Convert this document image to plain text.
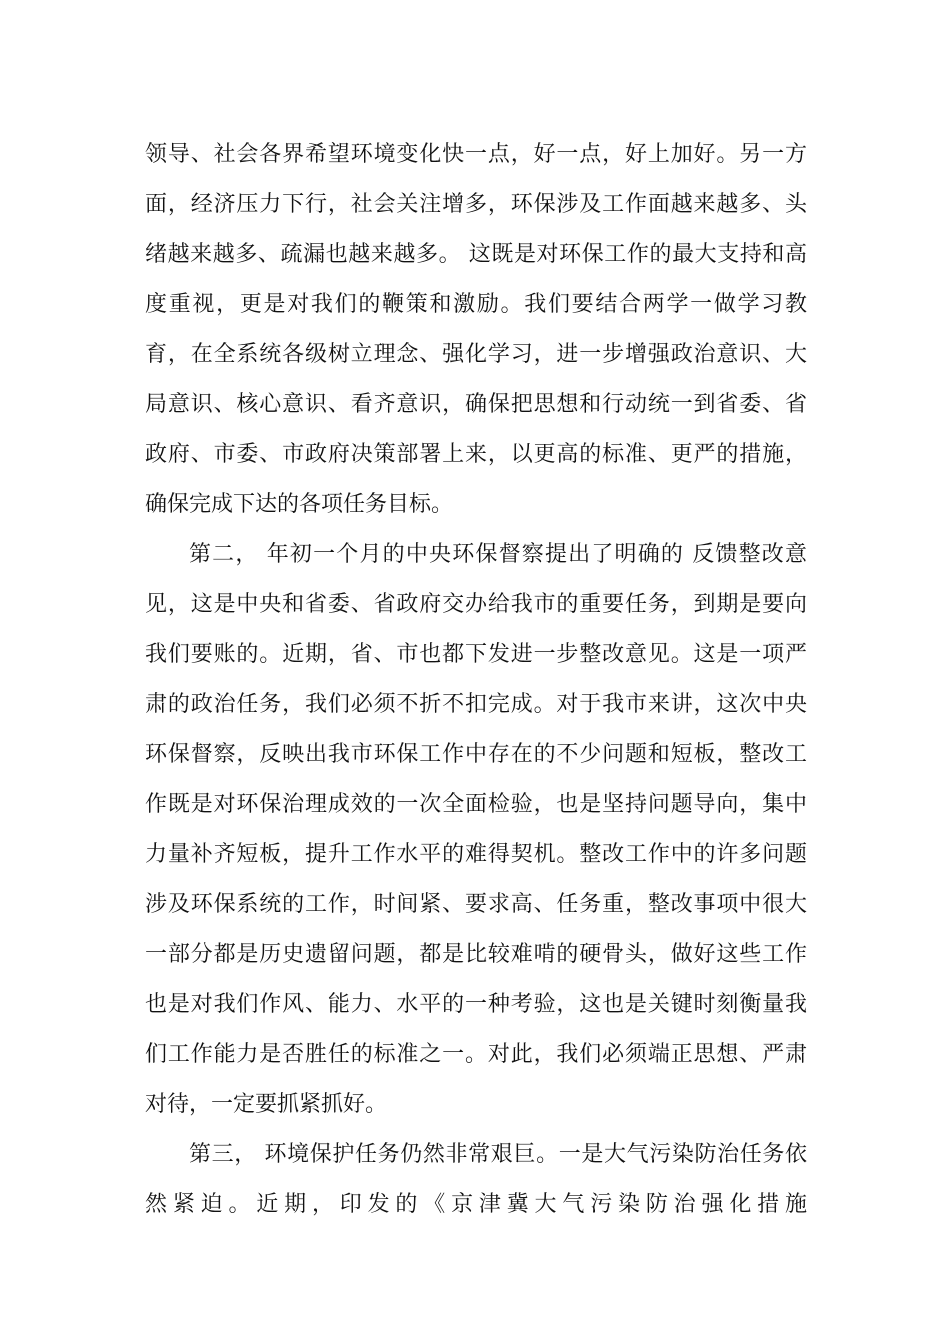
领导、社会各界希望环境变化快一点，好一点，好上加好。另一方
面，经济压力下行，社会关注增多，环保涉及工作面越来越多、头
绪越来越多、疏漏也越来越多。 这既是对环保工作的最大支持和高
度重视，更是对我们的鞭策和激励。我们要结合两学一做学习教
育，在全系统各级树立理念、强化学习，进一步增强政治意识、大
局意识、核心意识、看齐意识，确保把思想和行动统一到省委、省
政府、市委、市政府决策部署上来，以更高的标准、更严的措施，
确保完成下达的各项任务目标。
第二， 年初一个月的中央环保督察提出了明确的 反馈整改意
见，这是中央和省委、省政府交办给我市的重要任务，到期是要向
我们要账的。近期，省、市也都下发进一步整改意见。这是一项严
肃的政治任务，我们必须不折不扣完成。对于我市来讲，这次中央
环保督察，反映出我市环保工作中存在的不少问题和短板，整改工
作既是对环保治理成效的一次全面检验，也是坚持问题导向，集中
力量补齐短板，提升工作水平的难得契机。整改工作中的许多问题
涉及环保系统的工作，时间紧、要求高、任务重，整改事项中很大
一部分都是历史遗留问题，都是比较难啃的硬骨头，做好这些工作
也是对我们作风、能力、水平的一种考验，这也是关键时刻衡量我
们工作能力是否胜任的标准之一。对此，我们必须端正思想、严肃
对待，一定要抓紧抓好。
第三， 环境保护任务仍然非常艰巨。一是大气污染防治任务依
然紧迫。近期，印发的《京津冀大气污染防治强化措施
